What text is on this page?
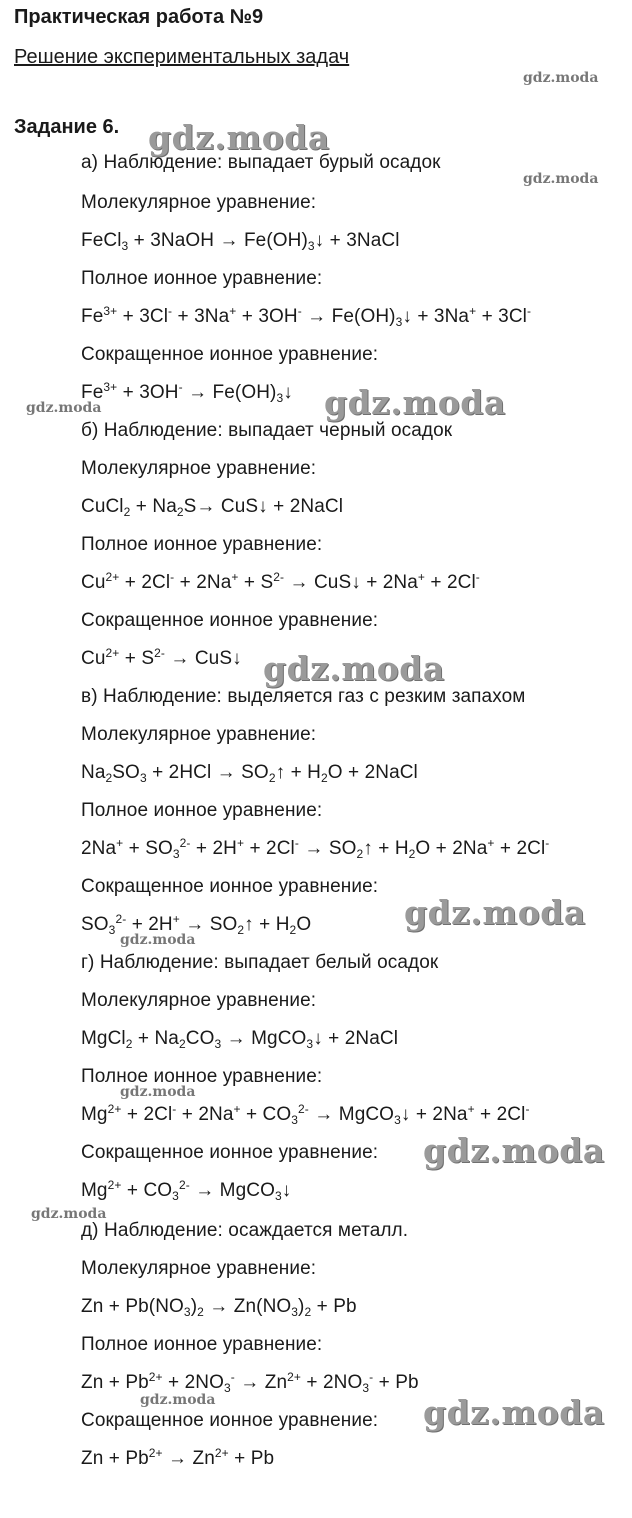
Практическая работа №9
Решение экспериментальных задач
Задание 6.
а) Наблюдение: выпадает бурый осадок
Молекулярное уравнение:
FeCl$_3$ + 3NaOH → $Fe(OH)_3↓$ + 3NaCl
Полное ионное уравнение:
$Fe^{3+} + 3Cl^- + 3Na^+ + 3OH^-$ → $Fe(OH)_3↓ + 3Na^+ + 3Cl^-$
Сокращенное ионное уравнение:
$Fe^{3+} + 3OH^-$ → $Fe(OH)_3↓$
б) Наблюдение: выпадает черный осадок
Молекулярное уравнение:
CuCl$_2$ + $Na_2S\to$ CuS↓ + 2NaCl
Полное ионное уравнение:
$Cu^{2+} + 2Cl^- + 2Na^+ + S^{2-}$ → CuS↓ + 2Na+ + 2Cl-
Сокращенное ионное уравнение:
$Cu^{2+} + S^{2-}$ → CuS↓
в) Наблюдение: выделяется газ с резким запахом
Молекулярное уравнение:
$Na_2SO_3 + 2HCl$ → $SO_2↑ + H_2O$ + 2NaCl
Полное ионное уравнение:
$2Na^+ + SO_3^{2-} + 2H^+ + 2Cl^-$ → $SO_2↑ + H_2O + 2Na^+ + 2Cl^-$
Сокращенное ионное уравнение:
$SO_3^{2-} + 2H^+$ → $SO_2↑ + H_2O$
г) Наблюдение: выпадает белый осадок
Молекулярное уравнение:
MgCl$_2$ + $Na_2CO_3$ → MgCO$_3$↓ + 2NaCl
Полное ионное уравнение:
$Mg^{2+} + 2Cl^- + 2Na^+ + CO_3^{2-}$ → MgCO$_3$↓ + 2Na+ + 2Cl-
Сокращенное ионное уравнение:
$Mg^{2+} + CO_3^{2-}$ → MgCO$_3$↓
д) Наблюдение: осаждается металл.
Молекулярное уравнение:
$Zn + Pb(NO_3)_2 \to Zn(NO_3)_2 + Pb$
Полное ионное уравнение:
$Zn + Pb^{2+} + 2NO_3^- \to Zn^{2+} + 2NO_3^- + Pb$
Сокращенное ионное уравнение:
$Zn + Pb^{2+} \to Zn^{2+} + Pb$
gdz.moda
gdz.moda
gdz.moda
gdz.moda	gdz.moda
gdz.moda
gdz.moda
gdz.moda
gdz.moda
gdz.moda
gdz.moda
gdz.moda	gdz.moda
